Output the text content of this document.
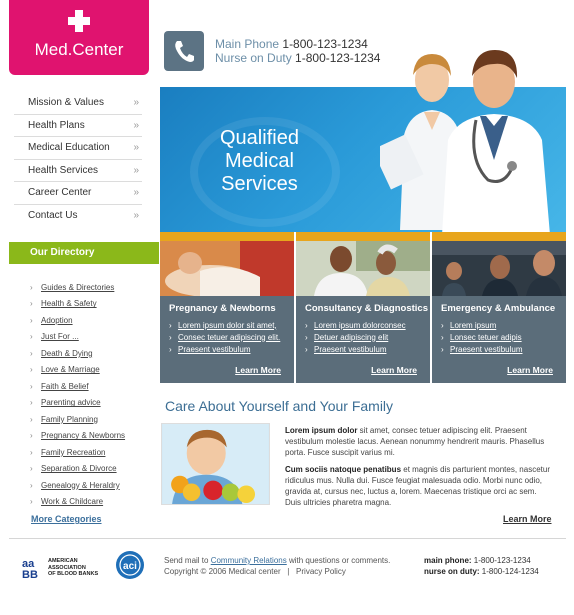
Med.Center	Main Phone 1-800-123-1234
Nurse on Duty 1-800-123-1234
Mission & Values	»
Health Plans	»
Medical Education »
Health Services	»
Career Center	»
Contact Us	»
Our Directory
›	Guides & Directories
›	Health & Safety
›	Adoption
›	Just For ...
›	Death & Dying
›	Love & Marriage
›	Faith & Belief
›	Parenting advice
›	Family Planning
›	Pregnancy & Newborns
›	Family Recreation
›	Separation & Divorce
›	Genealogy & Heraldry
›	Work & Childcare
More Categories
Qualified
Medical
Services
Pregnancy & Newborns
› Lorem ipsum dolor sit amet,
› Consec tetuer adipiscing elit.
› Praesent vestibulum
Learn More
Consultancy & Diagnostics
› Lorem ipsum dolorconsec
› Detuer adipiscing elit
› Praesent vestibulum
Learn More
Emergency & Ambulance
› Lorem ipsum
› Lonsec tetuer adipis
› Praesent vestibulum
Learn More
Care About Yourself and Your Family
Lorem ipsum dolor sit amet, consec tetuer adipiscing elit. Praesent vestibulum molestie lacus. Aenean nonummy hendrerit mauris. Phasellus porta. Fusce suscipit varius mi.
Cum sociis natoque penatibus et magnis dis parturient montes, nascetur ridiculus mus. Nulla dui. Fusce feugiat malesuada odio. Morbi nunc odio, gravida at, cursus nec, luctus a, lorem. Maecenas tristique orci ac sem. Duis ultricies pharetra magna.
Learn More
aa
BB
AMERICAN
ASSOCIATION
OF BLOOD BANKS
aci
Send mail to Community Relations with questions or comments.
Copyright © 2006 Medical center | Privacy Policy
main phone: 1-800-123-1234
nurse on duty: 1-800-124-1234
